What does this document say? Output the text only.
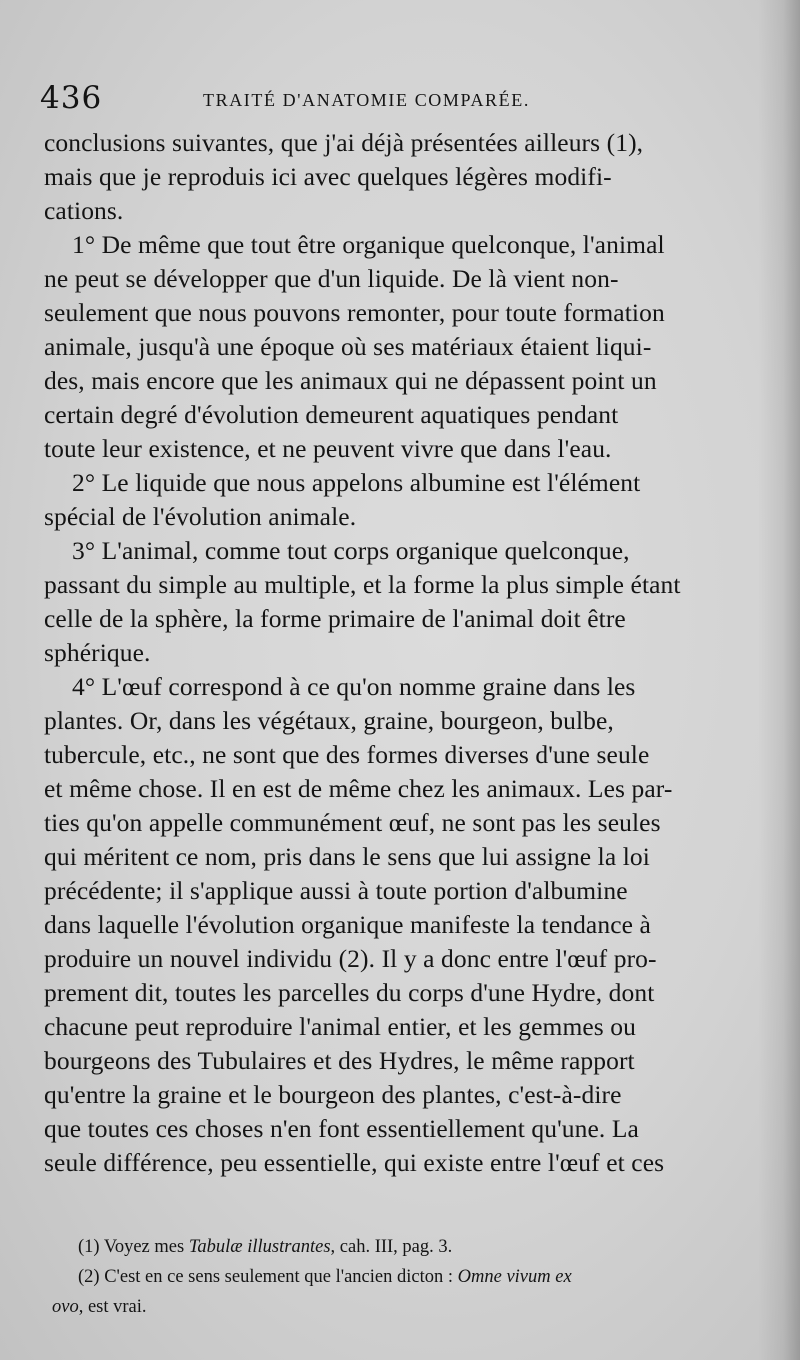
436	TRAITÉ D'ANATOMIE COMPARÉE.
conclusions suivantes, que j'ai déjà présentées ailleurs (1),
mais que je reproduis ici avec quelques légères modifi-
cations.
1° De même que tout être organique quelconque, l'animal
ne peut se développer que d'un liquide. De là vient non-
seulement que nous pouvons remonter, pour toute formation
animale, jusqu'à une époque où ses matériaux étaient liqui-
des, mais encore que les animaux qui ne dépassent point un
certain degré d'évolution demeurent aquatiques pendant
toute leur existence, et ne peuvent vivre que dans l'eau.
2° Le liquide que nous appelons albumine est l'élément
spécial de l'évolution animale.
3° L'animal, comme tout corps organique quelconque,
passant du simple au multiple, et la forme la plus simple étant
celle de la sphère, la forme primaire de l'animal doit être
sphérique.
4° L'œuf correspond à ce qu'on nomme graine dans les
plantes. Or, dans les végétaux, graine, bourgeon, bulbe,
tubercule, etc., ne sont que des formes diverses d'une seule
et même chose. Il en est de même chez les animaux. Les par-
ties qu'on appelle communément œuf, ne sont pas les seules
qui méritent ce nom, pris dans le sens que lui assigne la loi
précédente; il s'applique aussi à toute portion d'albumine
dans laquelle l'évolution organique manifeste la tendance à
produire un nouvel individu (2). Il y a donc entre l'œuf pro-
prement dit, toutes les parcelles du corps d'une Hydre, dont
chacune peut reproduire l'animal entier, et les gemmes ou
bourgeons des Tubulaires et des Hydres, le même rapport
qu'entre la graine et le bourgeon des plantes, c'est-à-dire
que toutes ces choses n'en font essentiellement qu'une. La
seule différence, peu essentielle, qui existe entre l'œuf et ces
(1) Voyez mes Tabulæ illustrantes, cah. III, pag. 3.
(2) C'est en ce sens seulement que l'ancien dicton : Omne vivum ex
ovo, est vrai.
